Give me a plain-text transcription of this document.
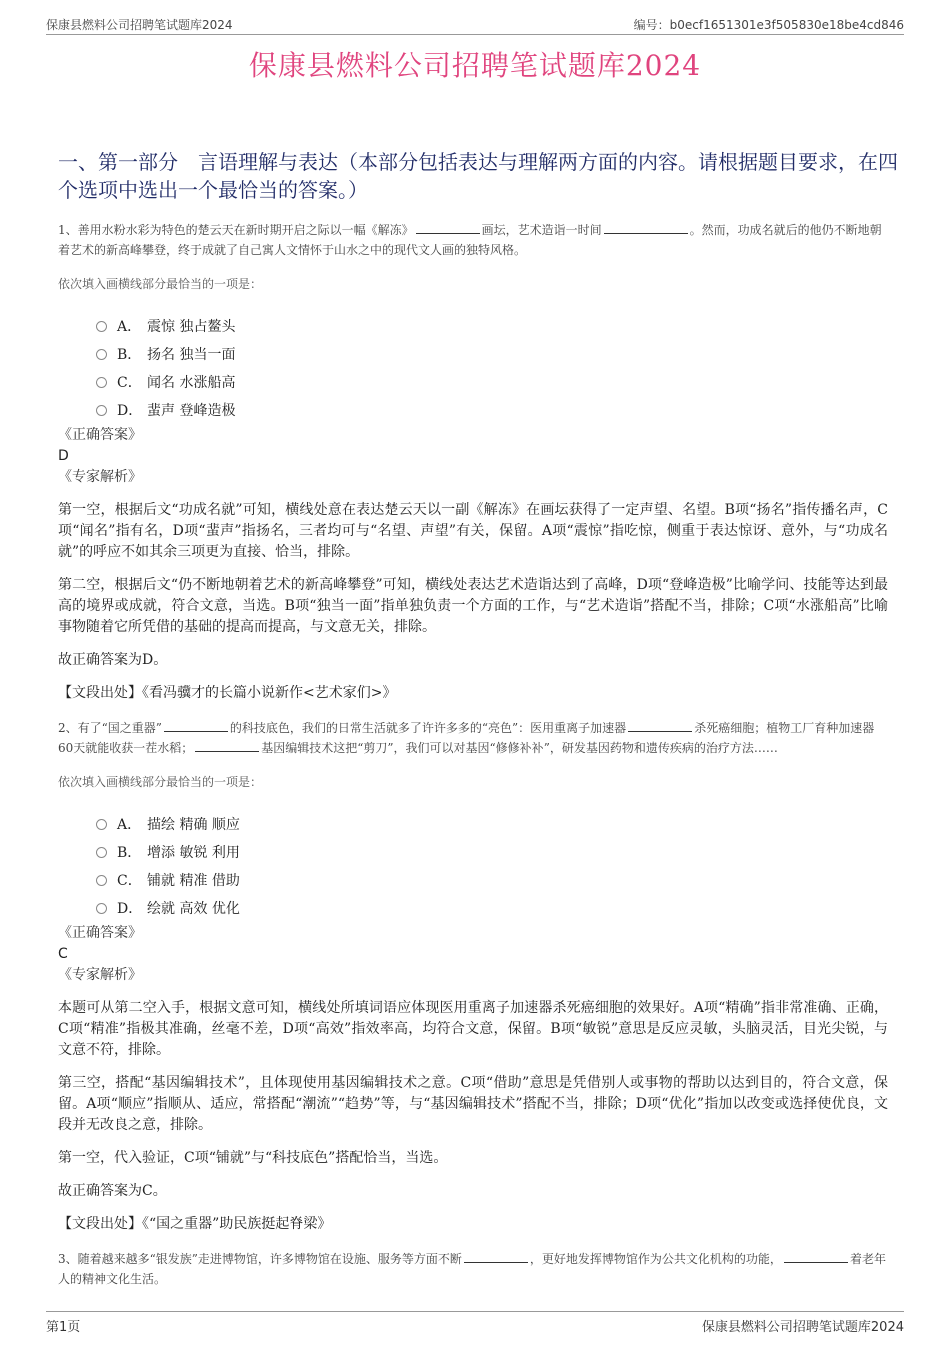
保康县燃料公司招聘笔试题库2024	编号：b0ecf1651301e3f505830e18be4cd846
保康县燃料公司招聘笔试题库2024
一、第一部分　言语理解与表达（本部分包括表达与理解两方面的内容。请根据题目要求，在四个选项中选出一个最恰当的答案。）

1、善用水粉水彩为特色的楚云天在新时期开启之际以一幅《解冻》	画坛，艺术造诣一时间	。然而，功成名就后的他仍不断地朝着艺术的新高峰攀登，终于成就了自己寓人文情怀于山水之中的现代文人画的独特风格。

依次填入画横线部分最恰当的一项是：

A． 震惊 独占鳌头
B． 扬名 独当一面
C． 闻名 水涨船高
D． 蜚声 登峰造极

《正确答案》

D

《专家解析》

第一空，根据后文“功成名就”可知，横线处意在表达楚云天以一副《解冻》在画坛获得了一定声望、名望。B项“扬名”指传播名声，C项“闻名”指有名，D项“蜚声”指扬名，三者均可与“名望、声望”有关，保留。A项“震惊”指吃惊，侧重于表达惊讶、意外，与“功成名就”的呼应不如其余三项更为直接、恰当，排除。

第二空，根据后文“仍不断地朝着艺术的新高峰攀登”可知，横线处表达艺术造诣达到了高峰，D项“登峰造极”比喻学问、技能等达到最高的境界或成就，符合文意，当选。B项“独当一面”指单独负责一个方面的工作，与“艺术造诣”搭配不当，排除；C项“水涨船高”比喻事物随着它所凭借的基础的提高而提高，与文意无关，排除。

故正确答案为D。

【文段出处】《看冯骥才的长篇小说新作<艺术家们>》

2、有了“国之重器”	的科技底色，我们的日常生活就多了许许多多的“亮色”：医用重离子加速器	杀死癌细胞；植物工厂育种加速器60天就能收获一茬水稻；	基因编辑技术这把“剪刀”，我们可以对基因“修修补补”，研发基因药物和遗传疾病的治疗方法……

依次填入画横线部分最恰当的一项是：

A． 描绘 精确 顺应
B． 增添 敏锐 利用
C． 铺就 精准 借助
D． 绘就 高效 优化

《正确答案》

C

《专家解析》

本题可从第二空入手，根据文意可知，横线处所填词语应体现医用重离子加速器杀死癌细胞的效果好。A项“精确”指非常准确、正确，C项“精准”指极其准确，丝毫不差，D项“高效”指效率高，均符合文意，保留。B项“敏锐”意思是反应灵敏，头脑灵活，目光尖锐，与文意不符，排除。

第三空，搭配“基因编辑技术”，且体现使用基因编辑技术之意。C项“借助”意思是凭借别人或事物的帮助以达到目的，符合文意，保留。A项“顺应”指顺从、适应，常搭配“潮流”“趋势”等，与“基因编辑技术”搭配不当，排除；D项“优化”指加以改变或选择使优良，文段并无改良之意，排除。

第一空，代入验证，C项“铺就”与“科技底色”搭配恰当，当选。

故正确答案为C。

【文段出处】《“国之重器”助民族挺起脊梁》

3、随着越来越多“银发族”走进博物馆，许多博物馆在设施、服务等方面不断	，更好地发挥博物馆作为公共文化机构的功能，	着老年人的精神文化生活。

第1页	保康县燃料公司招聘笔试题库2024
